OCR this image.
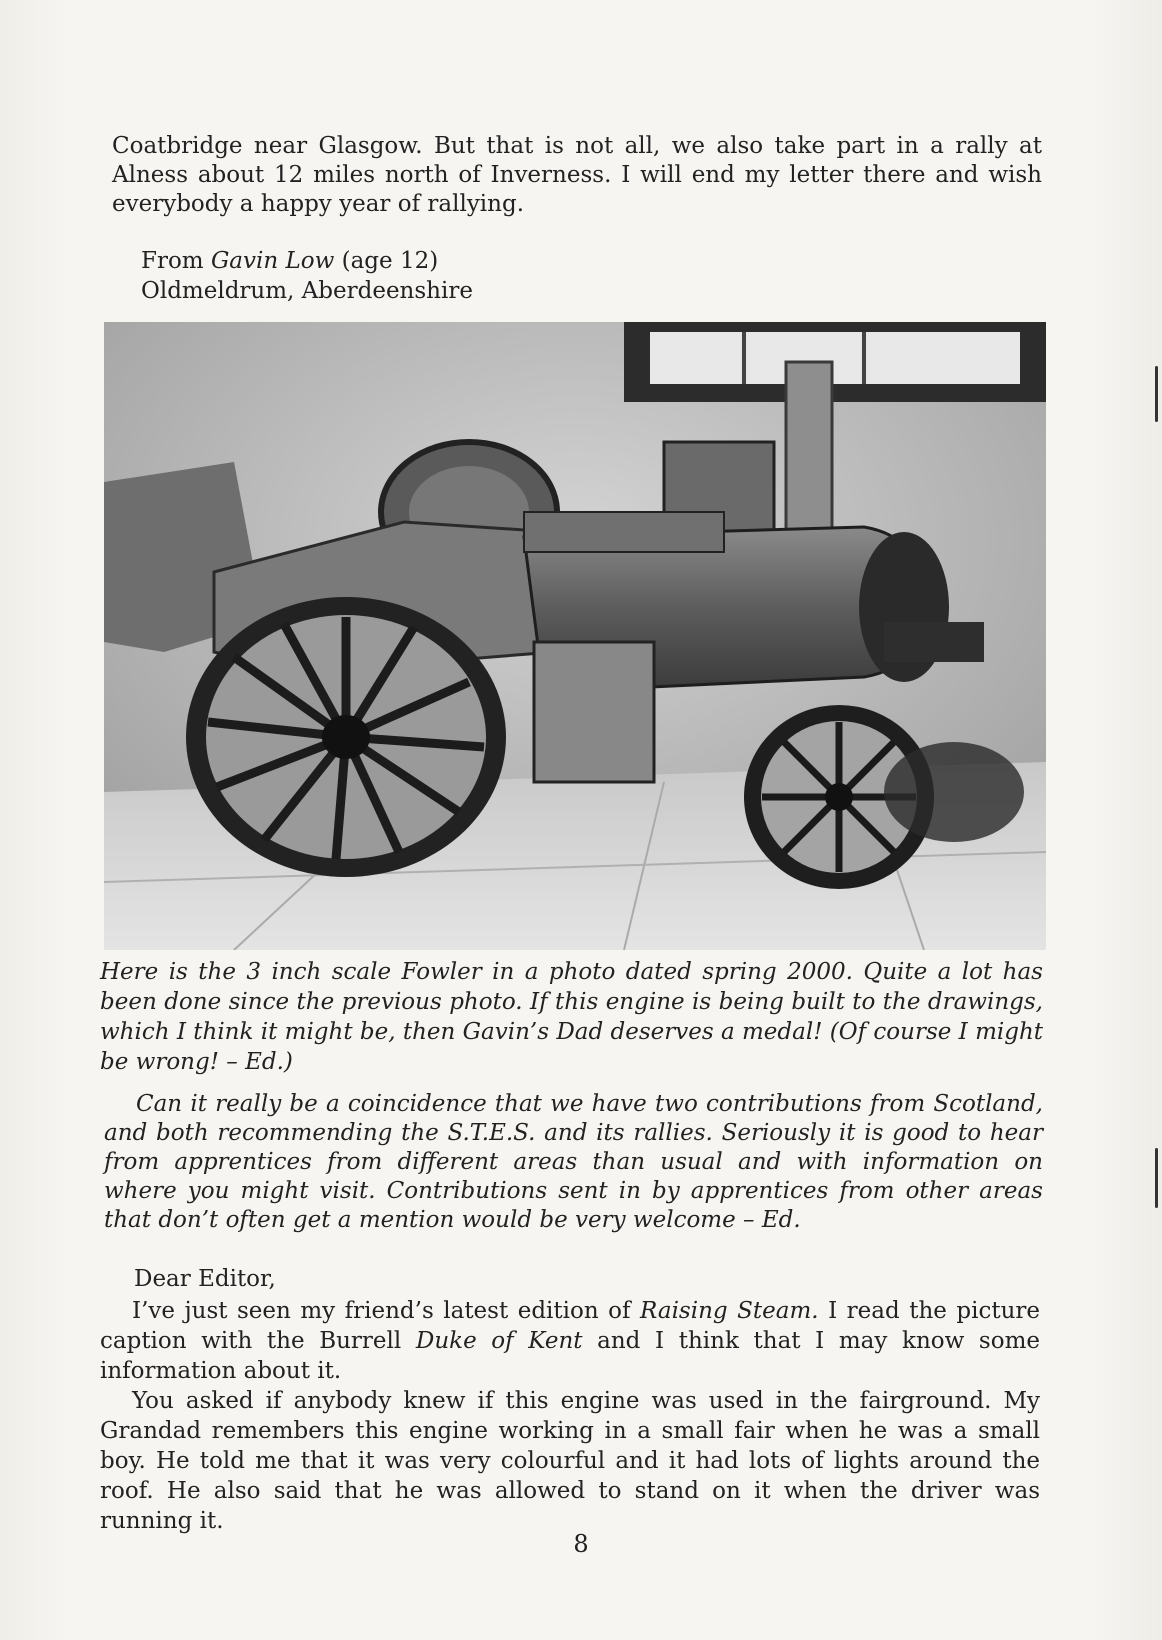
Coatbridge near Glasgow. But that is not all, we also take part in a rally at Alness about 12 miles north of Inverness. I will end my letter there and wish everybody a happy year of rallying.

From Gavin Low (age 12)
Oldmeldrum, Aberdeenshire

Here is the 3 inch scale Fowler in a photo dated spring 2000. Quite a lot has been done since the previous photo. If this engine is being built to the drawings, which I think it might be, then Gavin’s Dad deserves a medal! (Of course I might be wrong! – Ed.)

Can it really be a coincidence that we have two contributions from Scotland, and both recommending the S.T.E.S. and its rallies. Seriously it is good to hear from apprentices from different areas than usual and with information on where you might visit. Contributions sent in by apprentices from other areas that don’t often get a mention would be very welcome – Ed.

Dear Editor,

I’ve just seen my friend’s latest edition of Raising Steam. I read the picture caption with the Burrell Duke of Kent and I think that I may know some information about it.

You asked if anybody knew if this engine was used in the fairground. My Grandad remembers this engine working in a small fair when he was a small boy. He told me that it was very colourful and it had lots of lights around the roof. He also said that he was allowed to stand on it when the driver was running it.

8
